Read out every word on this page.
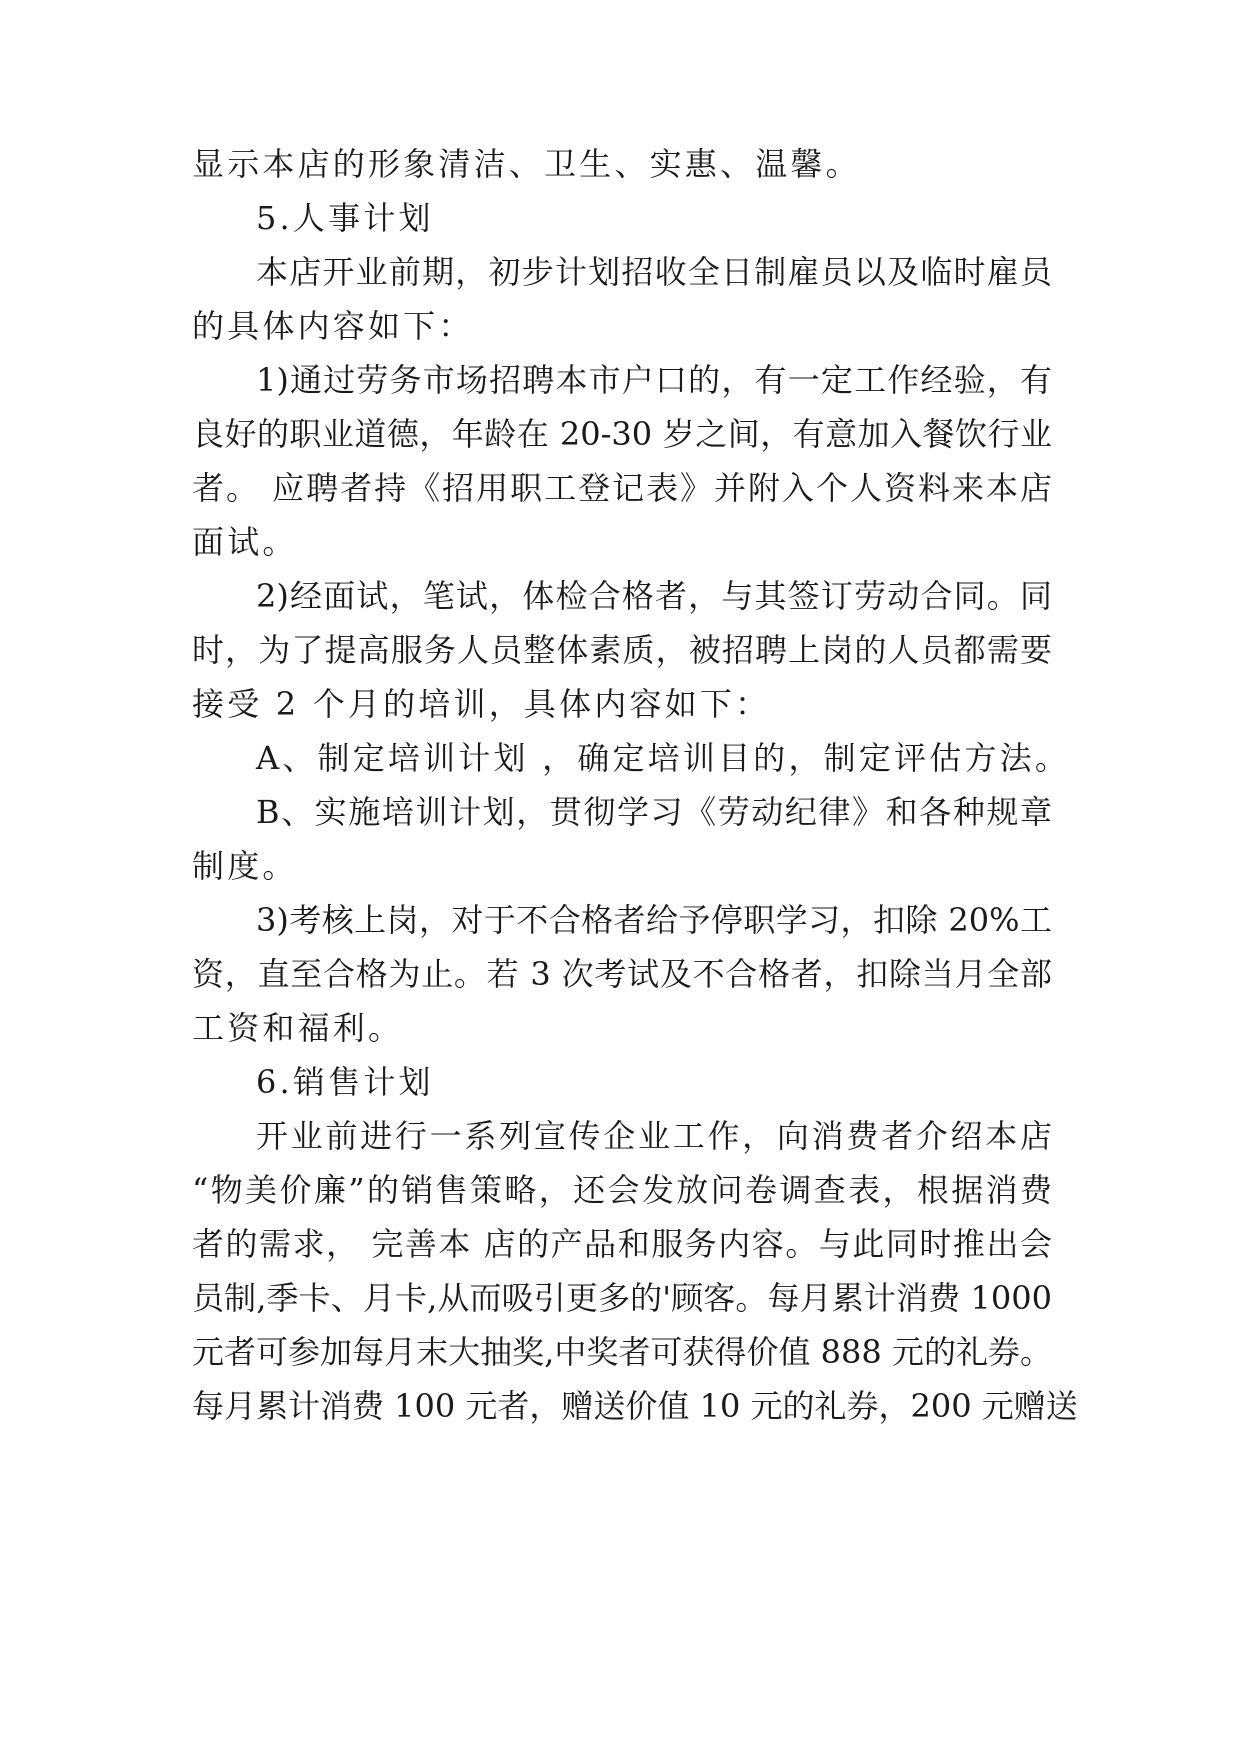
显示本店的形象清洁、卫生、实惠、温馨。
5.人事计划
本店开业前期，初步计划招收全日制雇员以及临时雇员
的具体内容如下：
1)通过劳务市场招聘本市户口的，有一定工作经验，有
良好的职业道德，年龄在 20-30 岁之间，有意加入餐饮行业
者。 应聘者持《招用职工登记表》并附入个人资料来本店
面试。
2)经面试，笔试，体检合格者，与其签订劳动合同。同
时，为了提高服务人员整体素质，被招聘上岗的人员都需要
接受 2 个月的培训，具体内容如下：
A、制定培训计划 ，确定培训目的，制定评估方法。
B、实施培训计划，贯彻学习《劳动纪律》和各种规章
制度。
3)考核上岗，对于不合格者给予停职学习，扣除 20%工
资，直至合格为止。若 3 次考试及不合格者，扣除当月全部
工资和福利。
6.销售计划
开业前进行一系列宣传企业工作，向消费者介绍本店
“物美价廉”的销售策略，还会发放问卷调查表，根据消费
者的需求， 完善本 店的产品和服务内容。与此同时推出会
员制,季卡、月卡,从而吸引更多的'顾客。每月累计消费 1000
元者可参加每月末大抽奖,中奖者可获得价值 888 元的礼券。
每月累计消费 100 元者，赠送价值 10 元的礼券，200 元赠送
